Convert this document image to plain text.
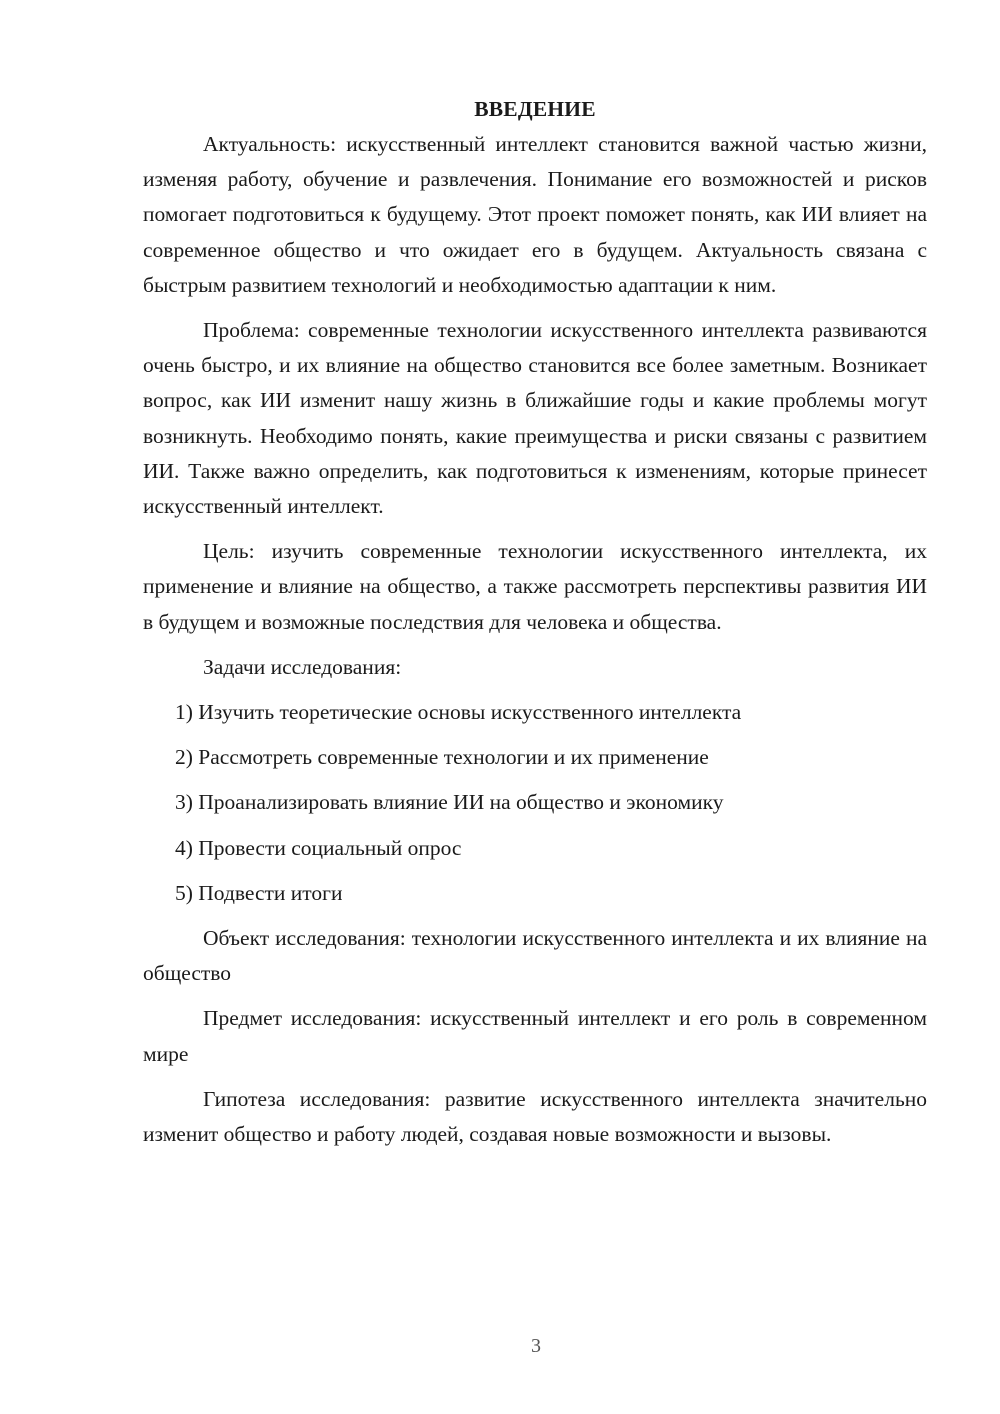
ВВЕДЕНИЕ

Актуальность: искусственный интеллект становится важной частью жизни, изменяя работу, обучение и развлечения. Понимание его возможностей и рисков помогает подготовиться к будущему. Этот проект поможет понять, как ИИ влияет на современное общество и что ожидает его в будущем. Актуальность связана с быстрым развитием технологий и необходимостью адаптации к ним.

Проблема: современные технологии искусственного интеллекта развиваются очень быстро, и их влияние на общество становится все более заметным. Возникает вопрос, как ИИ изменит нашу жизнь в ближайшие годы и какие проблемы могут возникнуть. Необходимо понять, какие преимущества и риски связаны с развитием ИИ. Также важно определить, как подготовиться к изменениям, которые принесет искусственный интеллект.

Цель: изучить современные технологии искусственного интеллекта, их применение и влияние на общество, а также рассмотреть перспективы развития ИИ в будущем и возможные последствия для человека и общества.

Задачи исследования:

1) Изучить теоретические основы искусственного интеллекта

2) Рассмотреть современные технологии и их применение

3) Проанализировать влияние ИИ на общество и экономику

4) Провести социальный опрос

5) Подвести итоги

Объект исследования: технологии искусственного интеллекта и их влияние на общество

Предмет исследования: искусственный интеллект и его роль в современном мире

Гипотеза исследования: развитие искусственного интеллекта значительно изменит общество и работу людей, создавая новые возможности и вызовы.

3
